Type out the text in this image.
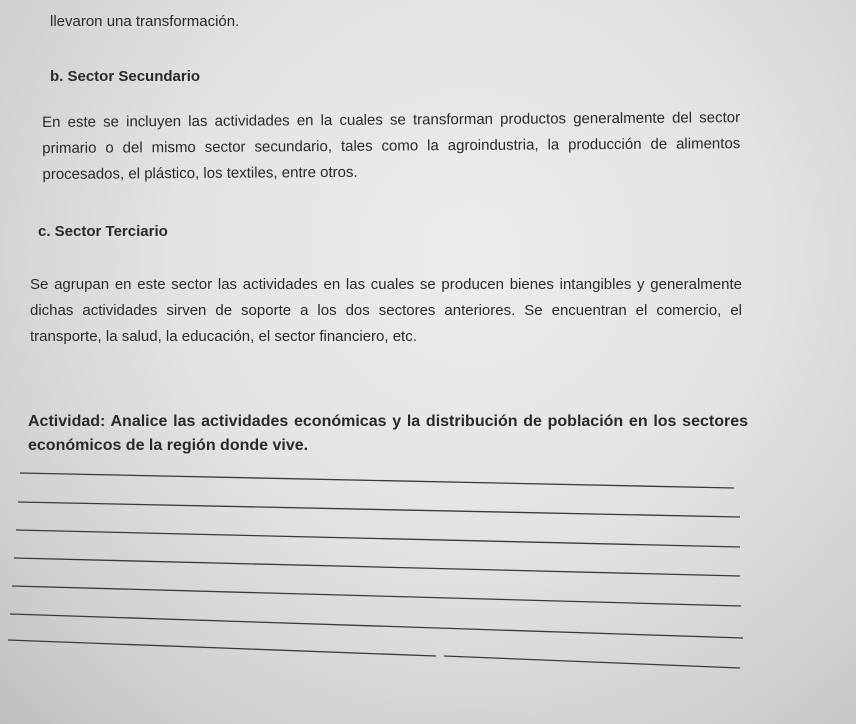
llevaron una transformación.

b. Sector Secundario

En este se incluyen las actividades en la cuales se transforman productos generalmente del sector primario o del mismo sector secundario, tales como la agroindustria, la producción de alimentos procesados, el plástico, los textiles, entre otros.

c. Sector Terciario

Se agrupan en este sector las actividades en las cuales se producen bienes intangibles y generalmente dichas actividades sirven de soporte a los dos sectores anteriores. Se encuentran el comercio, el transporte, la salud, la educación, el sector financiero, etc.

Actividad: Analice las actividades económicas y la distribución de población en los sectores económicos de la región donde vive.
